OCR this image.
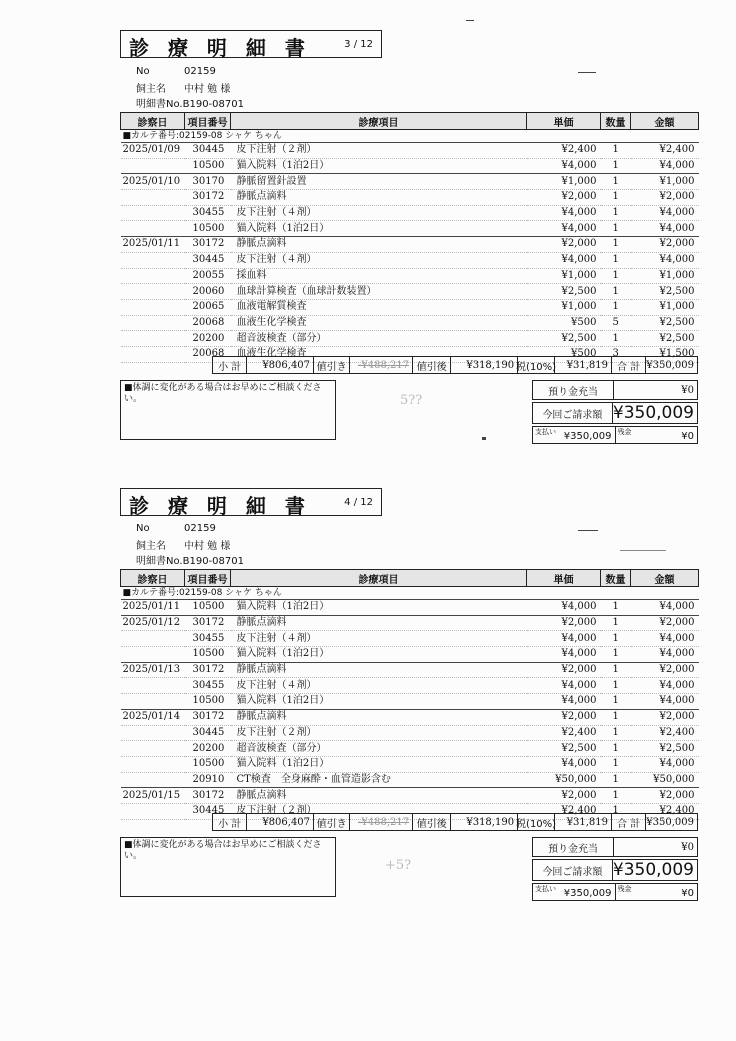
診 療 明 細 書	3 / 12
No	02159
飼主名 中村 勉 様
明細書No.B190-08701
診察日	項目番号	診療項目	単価	数量	金額
■カルテ番号:02159-08 シャケ ちゃん					
2025/01/09	30445	皮下注射（２剤）	¥2,400	1	¥2,400
	10500	猫入院料（1泊2日）	¥4,000	1	¥4,000
2025/01/10	30170	静脈留置針設置	¥1,000	1	¥1,000
	30172	静脈点滴料	¥2,000	1	¥2,000
	30455	皮下注射（４剤）	¥4,000	1	¥4,000
	10500	猫入院料（1泊2日）	¥4,000	1	¥4,000
2025/01/11	30172	静脈点滴料	¥2,000	1	¥2,000
	30445	皮下注射（４剤）	¥4,000	1	¥4,000
	20055	採血料	¥1,000	1	¥1,000
	20060	血球計算検査（血球計数装置）	¥2,500	1	¥2,500
	20065	血液電解質検査	¥1,000	1	¥1,000
	20068	血液生化学検査	¥500	5	¥2,500
	20200	超音波検査（部分）	¥2,500	1	¥2,500
	20068	血液生化学検査	¥500	3	¥1,500
小 計	¥806,407 値引き	-¥488,217 値引後	¥318,190 税(10%)	¥31,819 合 計 ¥350,009
■体調に変化がある場合はお早めにご相談ください。	5??
預り金充当	¥0
今回ご請求額 ¥350,009
支払い ¥350,009 残金	¥0
診 療 明 細 書	4 / 12
No	02159
飼主名 中村 勉 様
明細書No.B190-08701
診察日	項目番号	診療項目	単価	数量	金額
■カルテ番号:02159-08 シャケ ちゃん					
2025/01/11	10500	猫入院料（1泊2日）	¥4,000	1	¥4,000
2025/01/12	30172	静脈点滴料	¥2,000	1	¥2,000
	30455	皮下注射（４剤）	¥4,000	1	¥4,000
	10500	猫入院料（1泊2日）	¥4,000	1	¥4,000
2025/01/13	30172	静脈点滴料	¥2,000	1	¥2,000
	30455	皮下注射（４剤）	¥4,000	1	¥4,000
	10500	猫入院料（1泊2日）	¥4,000	1	¥4,000
2025/01/14	30172	静脈点滴料	¥2,000	1	¥2,000
	30445	皮下注射（２剤）	¥2,400	1	¥2,400
	20200	超音波検査（部分）	¥2,500	1	¥2,500
	10500	猫入院料（1泊2日）	¥4,000	1	¥4,000
	20910	CT検査　全身麻酔・血管造影含む	¥50,000	1	¥50,000
2025/01/15	30172	静脈点滴料	¥2,000	1	¥2,000
	30445	皮下注射（２剤）	¥2,400	1	¥2,400
小 計	¥806,407 値引き	-¥488,217 値引後	¥318,190 税(10%)	¥31,819 合 計 ¥350,009
■体調に変化がある場合はお早めにご相談ください。
+5?
預り金充当	¥0
今回ご請求額 ¥350,009
支払い ¥350,009 残金	¥0
